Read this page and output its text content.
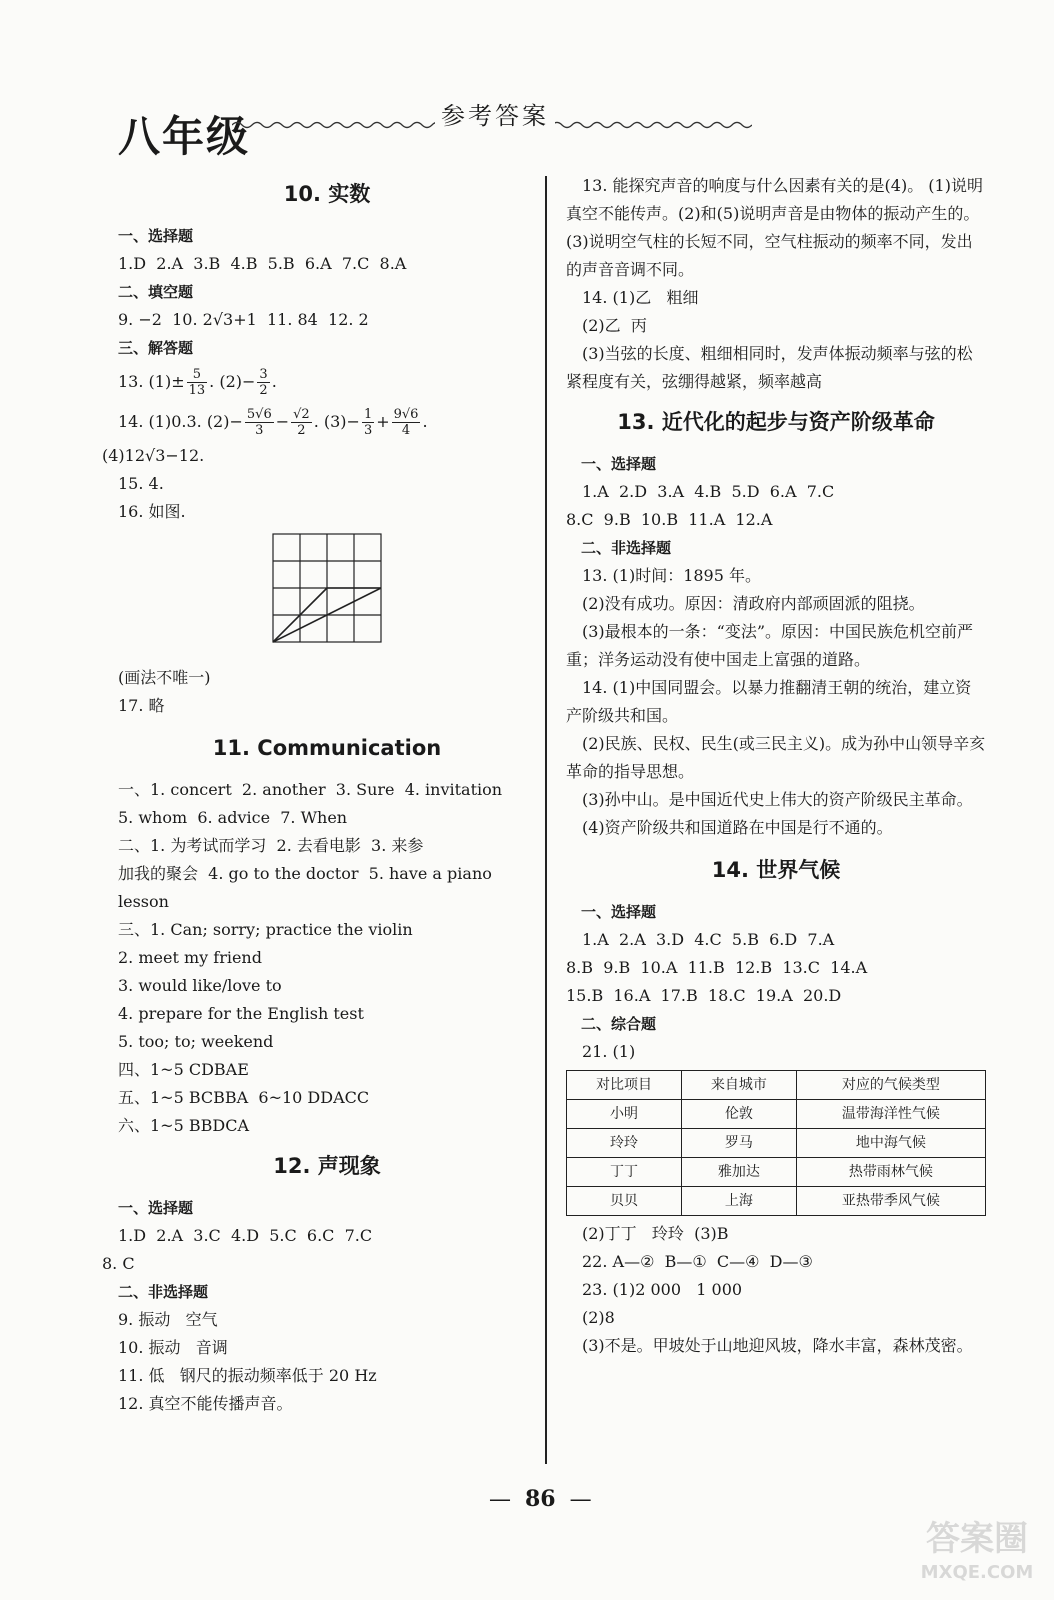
八年级	参考答案
10. 实数
一、选择题
1.D  2.A  3.B  4.B  5.B  6.A  7.C  8.A
二、填空题
9. −2  10. 2√3+1  11. 84  12. 2
三、解答题
13. $(1)\pm \frac{5}{13}$ . $(2)- \frac{3}{2}$ .
14. (1)0.3. $(2)- \frac{5√6}{3} - \frac{√2}{2}$ . $(3)- \frac{1}{3} + \frac{9√6}{4}$ .
(4)12√3−12.
15. 4.
16. 如图.
(画法不唯一)
17. 略
11. Communication
一、1. concert  2. another  3. Sure  4. invitation
5. whom  6. advice  7. When
二、1. 为考试而学习  2. 去看电影  3. 来参
加我的聚会  4. go to the doctor  5. have a piano
lesson
三、1. Can; sorry; practice the violin
2. meet my friend
3. would like/love to
4. prepare for the English test
5. too; to; weekend
四、1~5 CDBAE
五、1~5 BCBBA  6~10 DDACC
六、1~5 BBDCA
12. 声现象
一、选择题
1.D  2.A  3.C  4.D  5.C  6.C  7.C
8. C
二、非选择题
9. 振动   空气
10. 振动   音调
11. 低   钢尺的振动频率低于 20 Hz
12. 真空不能传播声音。
13. 能探究声音的响度与什么因素有关的是(4)。 (1)说明真空不能传声。(2)和(5)说明声音是由物体的振动产生的。(3)说明空气柱的长短不同，空气柱振动的频率不同，发出的声音音调不同。
14. (1)乙   粗细
(2)乙  丙
(3)当弦的长度、粗细相同时，发声体振动频率与弦的松紧程度有关，弦绷得越紧，频率越高
13. 近代化的起步与资产阶级革命
一、选择题
1.A  2.D  3.A  4.B  5.D  6.A  7.C
8.C  9.B  10.B  11.A  12.A
二、非选择题
13. (1)时间：1895 年。
(2)没有成功。原因：清政府内部顽固派的阻挠。
(3)最根本的一条：“变法”。原因：中国民族危机空前严重；洋务运动没有使中国走上富强的道路。
14. (1)中国同盟会。以暴力推翻清王朝的统治，建立资产阶级共和国。
(2)民族、民权、民生(或三民主义)。成为孙中山领导辛亥革命的指导思想。
(3)孙中山。是中国近代史上伟大的资产阶级民主革命。
(4)资产阶级共和国道路在中国是行不通的。
14. 世界气候
一、选择题
1.A  2.A  3.D  4.C  5.B  6.D  7.A
8.B  9.B  10.A  11.B  12.B  13.C  14.A
15.B  16.A  17.B  18.C  19.A  20.D
二、综合题
21. (1)
对比项目	来自城市	对应的气候类型
小明	伦敦	温带海洋性气候
玲玲	罗马	地中海气候
丁丁	雅加达	热带雨林气候
贝贝	上海	亚热带季风气候
(2)丁丁   玲玲  (3)B
22. A—②  B—①  C—④  D—③
23. (1)2 000   1 000
(2)8
(3)不是。甲坡处于山地迎风坡，降水丰富，森林茂密。
— 86 —
答案圈
MXQE.COM
